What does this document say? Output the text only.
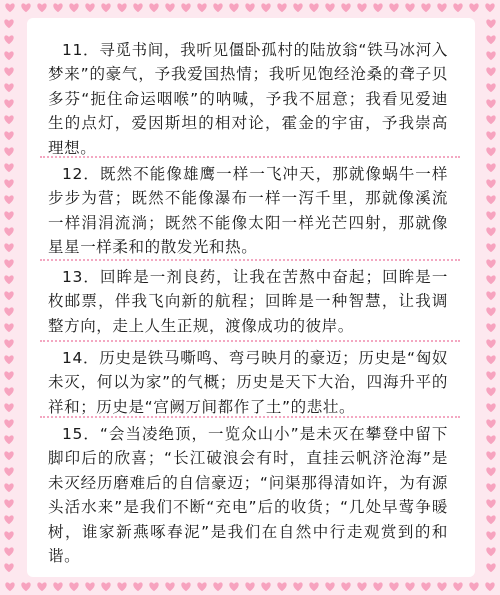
11．寻觅书间，我听见僵卧孤村的陆放翁“铁马冰河入梦来”的豪气，予我爱国热情；我听见饱经沧桑的聋子贝多芬“扼住命运咽喉”的呐喊，予我不屈意；我看见爱迪生的点灯，爱因斯坦的相对论，霍金的宇宙，予我崇高理想。

12．既然不能像雄鹰一样一飞冲天，那就像蜗牛一样步步为营；既然不能像瀑布一样一泻千里，那就像溪流一样涓涓流淌；既然不能像太阳一样光芒四射，那就像星星一样柔和的散发光和热。

13．回眸是一剂良药，让我在苦熬中奋起；回眸是一枚邮票，伴我飞向新的航程；回眸是一种智慧，让我调整方向，走上人生正规，渡像成功的彼岸。

14．历史是铁马嘶鸣、弯弓映月的豪迈；历史是“匈奴未灭，何以为家”的气概；历史是天下大治，四海升平的祥和；历史是“宫阙万间都作了土”的悲壮。

15．“会当凌绝顶，一览众山小”是未灭在攀登中留下脚印后的欣喜；“长江破浪会有时，直挂云帆济沧海”是未灭经历磨难后的自信豪迈；“问渠那得清如许，为有源头活水来”是我们不断“充电”后的收货；“几处早莺争暖树，谁家新燕啄春泥”是我们在自然中行走观赏到的和谐。
